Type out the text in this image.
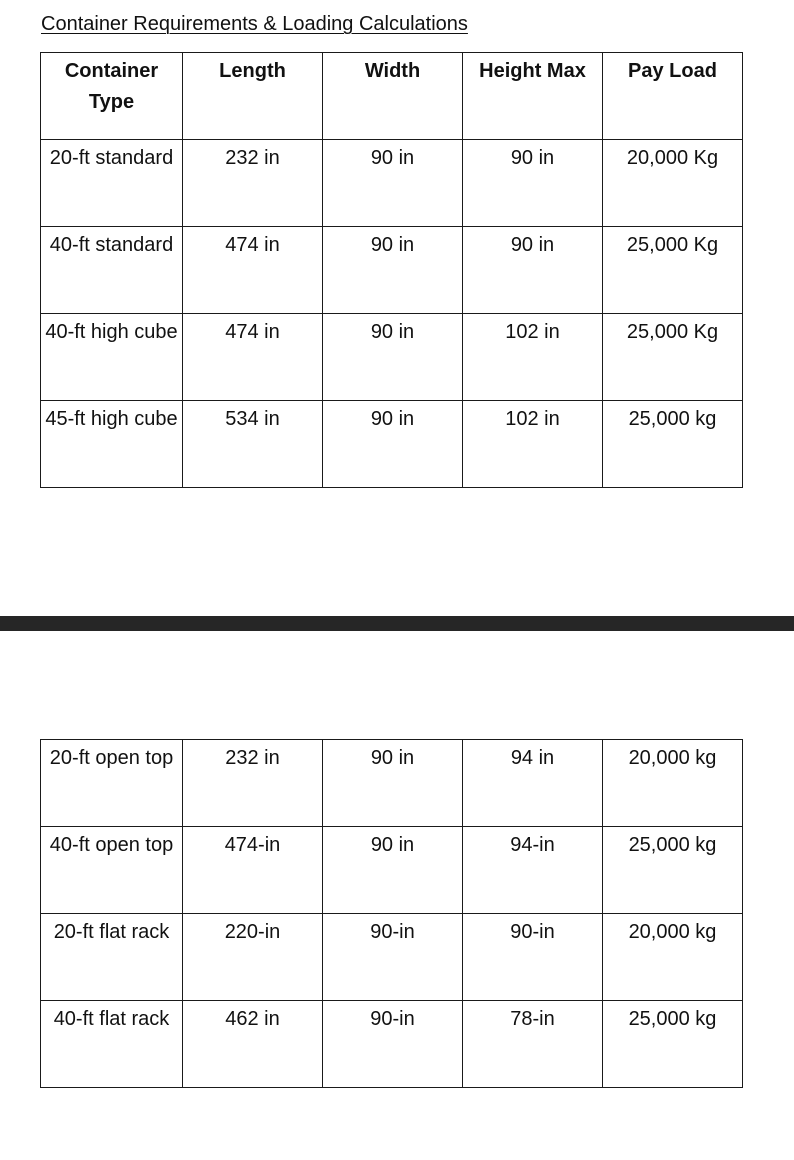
Container Requirements & Loading Calculations
Container Type	Length	Width	Height Max	Pay Load

20-ft standard	232 in	90 in	90 in	20,000 Kg

40-ft standard	474 in	90 in	90 in	25,000 Kg

40-ft high cube	474 in	90 in	102 in	25,000 Kg

45-ft high cube	534 in	90 in	102 in	25,000 kg
20-ft open top	232 in	90 in	94 in	20,000 kg

40-ft open top	474-in	90 in	94-in	25,000 kg

20-ft flat rack	220-in	90-in	90-in	20,000 kg

40-ft flat rack	462 in	90-in	78-in	25,000 kg
